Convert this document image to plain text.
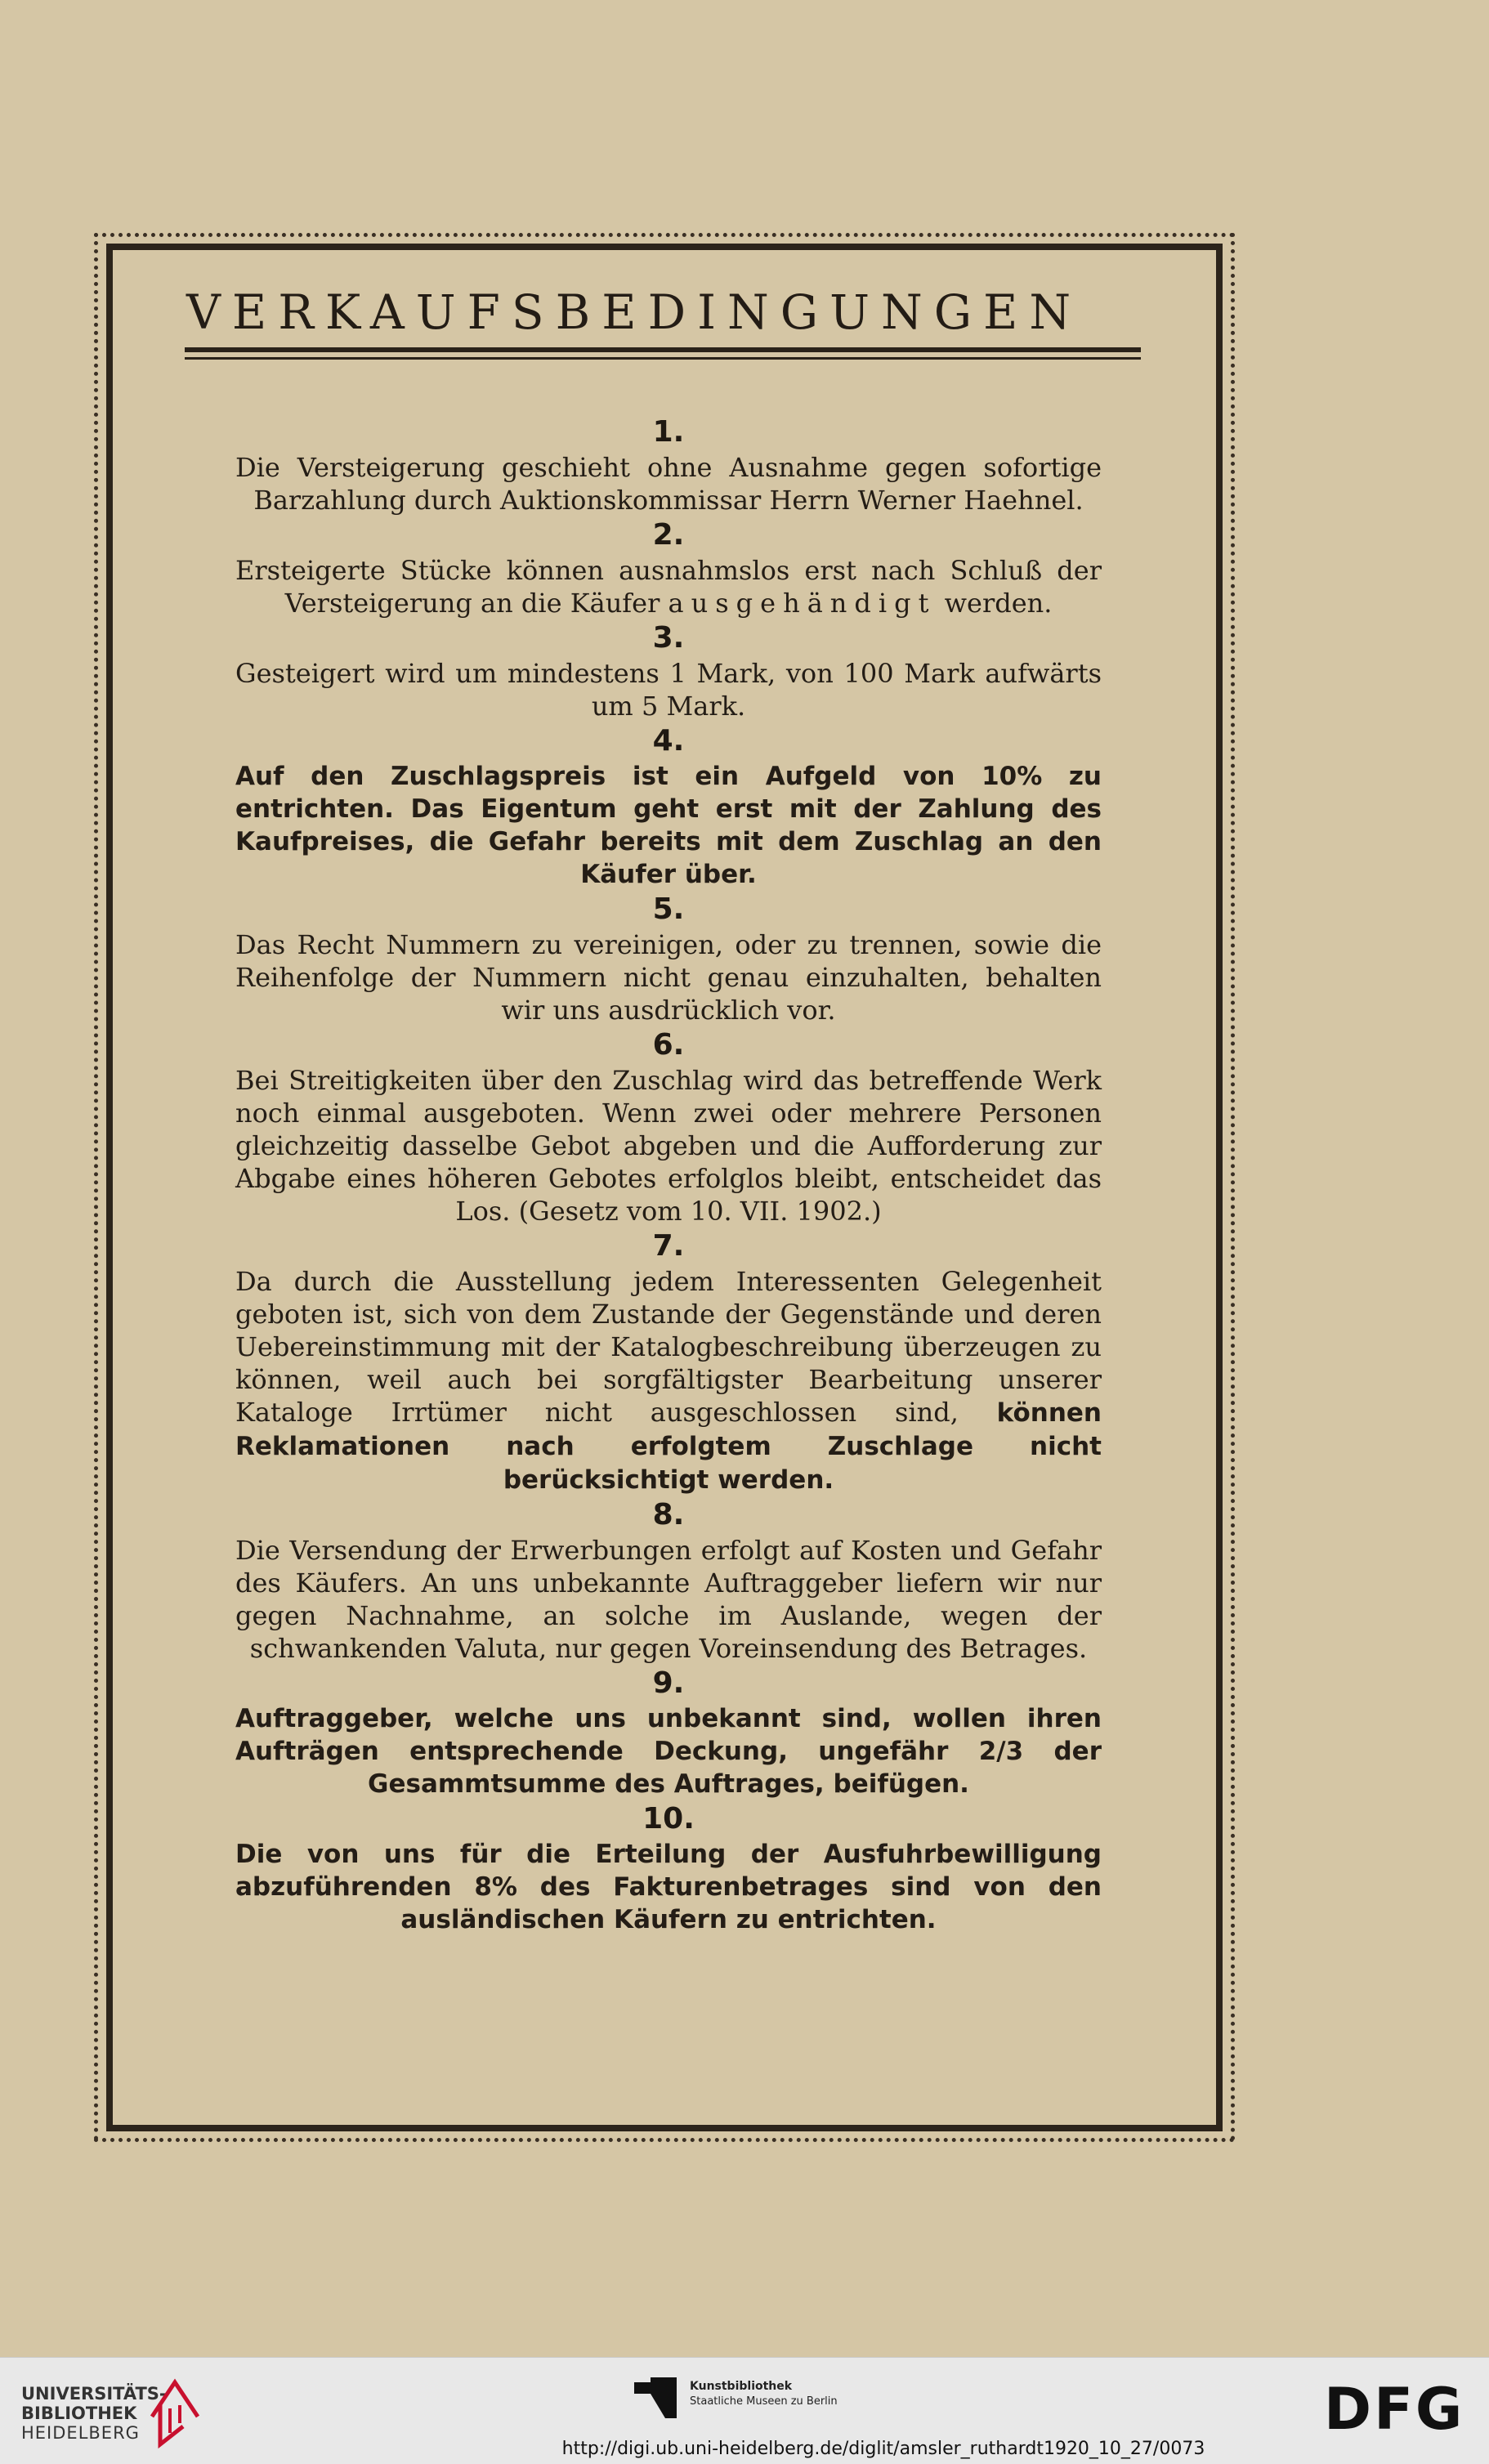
VERKAUFSBEDINGUNGEN
1.
Die Versteigerung geschieht ohne Ausnahme gegen sofortige Barzahlung durch Auktionskommissar Herrn Werner Haehnel.
2.
Ersteigerte Stücke können ausnahmslos erst nach Schluß der Versteigerung an die Käufer ausgehändigt werden.
3.
Gesteigert wird um mindestens 1 Mark, von 100 Mark aufwärts um 5 Mark.
4.
Auf den Zuschlagspreis ist ein Aufgeld von 10% zu entrichten. Das Eigentum geht erst mit der Zahlung des Kaufpreises, die Gefahr bereits mit dem Zuschlag an den Käufer über.
5.
Das Recht Nummern zu vereinigen, oder zu trennen, sowie die Reihenfolge der Nummern nicht genau einzuhalten, behalten wir uns ausdrücklich vor.
6.
Bei Streitigkeiten über den Zuschlag wird das betreffende Werk noch einmal ausgeboten. Wenn zwei oder mehrere Personen gleichzeitig dasselbe Gebot abgeben und die Aufforderung zur Abgabe eines höheren Gebotes erfolglos bleibt, entscheidet das Los. (Gesetz vom 10. VII. 1902.)
7.
Da durch die Ausstellung jedem Interessenten Gelegenheit geboten ist, sich von dem Zustande der Gegenstände und deren Uebereinstimmung mit der Katalogbeschreibung überzeugen zu können, weil auch bei sorgfältigster Bearbeitung unserer Kataloge Irrtümer nicht ausgeschlossen sind, können Reklamationen nach erfolgtem Zuschlage nicht berücksichtigt werden.
8.
Die Versendung der Erwerbungen erfolgt auf Kosten und Gefahr des Käufers. An uns unbekannte Auftraggeber liefern wir nur gegen Nachnahme, an solche im Auslande, wegen der schwankenden Valuta, nur gegen Voreinsendung des Betrages.
9.
Auftraggeber, welche uns unbekannt sind, wollen ihren Aufträgen entsprechende Deckung, ungefähr 2/3 der Gesammtsumme des Auftrages, beifügen.
10.
Die von uns für die Erteilung der Ausfuhrbewilligung abzuführenden 8% des Fakturenbetrages sind von den ausländischen Käufern zu entrichten.
UNIVERSITÄTS-
BIBLIOTHEK
HEIDELBERG
Kunstbibliothek
Staatliche Museen zu Berlin	DFG
http://digi.ub.uni-heidelberg.de/diglit/amsler_ruthardt1920_10_27/0073
